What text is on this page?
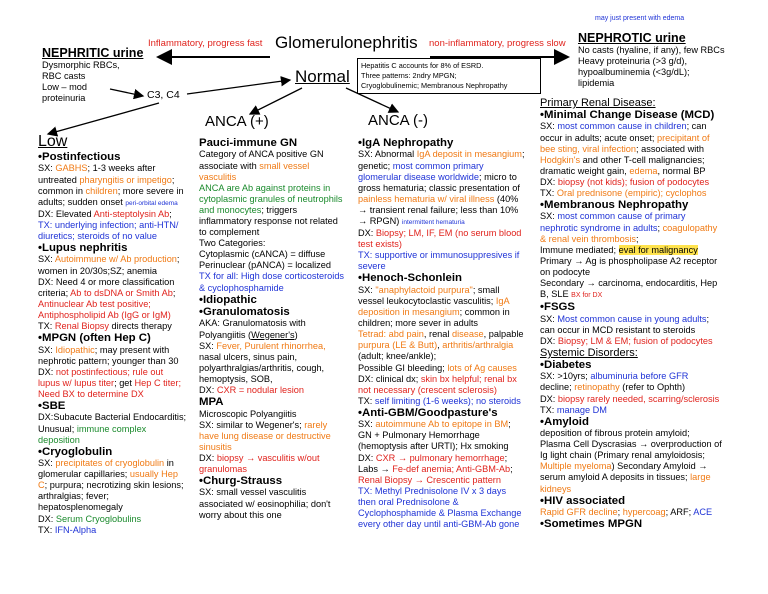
may just present with edema
Inflammatory, progress fast Glomerulonephritis non-inflammatory, progress slow
NEPHRITIC urine
Dysmorphic RBCs,
RBC casts
Low – mod
proteinuria	C3, C4
Normal
Hepatitis C accounts for 8% of ESRD.
Three patterns: 2ndry MPGN;
Cryoglobulinemic; Membranous Nephropathy
NEPHROTIC urine
No casts (hyaline, if any), few RBCs
Heavy proteinuria (>3 g/d),
hypoalbuminemia (<3g/dL);
lipidemia
ANCA (+)	ANCA (-)
Low
•Postinfectious
SX: GABHS; 1-3 weeks after
untreated pharyngitis or impetigo;
common in children; more severe in
adults; sudden onset peri-orbital edema
DX: Elevated Anti-steptolysin Ab;
TX: underlying infection; anti-HTN/
diuretics; steroids of no value
•Lupus nephritis
SX: Autoimmune w/ Ab production;
women in 20/30s;SZ; anemia
DX: Need 4 or more classification
criteria; Ab to dsDNA or Smith Ab;
Antinuclear Ab test positive;
Antiphospholipid Ab (IgG or IgM)
TX: Renal Biopsy directs therapy
•MPGN (often Hep C)
SX: Idiopathic; may present with
nephrotic pattern; younger than 30
DX: not postinfectious; rule out
lupus w/ lupus titer; get Hep C titer;
Need BX to determine DX
•SBE
DX:Subacute Bacterial Endocarditis;
Unusual; immune complex
deposition
•Cryoglobulin
SX: precipitates of cryoglobulin in
glomerular capillaries; usually Hep
C; purpura; necrotizing skin lesions;
arthralgias; fever;
hepatosplenomegaly
DX: Serum Cryoglobulins
TX: IFN-Alpha
Pauci-immune GN
Category of ANCA positive GN
associate with small vessel
vasculitis
ANCA are Ab against proteins in
cytoplasmic granules of neutrophils
and monocytes; triggers
inflammatory response not related
to complement
Two Categories:
Cytoplasmic (cANCA) = diffuse
Perinuclear (pANCA) = localized
TX for all: High dose corticosteroids
& cyclophosphamide
•Idiopathic
•Granulomatosis
AKA: Granulomatosis with
Polyangiitis (Wegener's)
SX: Fever, Purulent rhinorrhea,
nasal ulcers, sinus pain,
polyarthralgias/arthritis, cough,
hemoptysis, SOB,
DX: CXR = nodular lesion
MPA
Microscopic Polyangiitis
SX: similar to Wegener's; rarely
have lung disease or destructive
sinusitis
DX: biopsy → vasculitis w/out
granulomas
•Churg-Strauss
SX: small vessel vasculitis
associated w/ eosinophilia; don't
worry about this one
•IgA Nephropathy
SX: Abnormal IgA deposit in mesangium;
genetic; most common primary
glomerular disease worldwide; micro to
gross hematuria; classic presentation of
painless hematuria w/ viral illness (40%
→ transient renal failure; less than 10%
→ RPGN) intermittent hematuria
DX: Biopsy; LM, IF, EM (no serum blood
test exists)
TX: supportive or immunosuppresives if
severe
•Henoch-Schonlein
SX: "anaphylactoid purpura"; small
vessel leukocytoclastic vasculitis; IgA
deposition in mesangium; common in
children; more sever in adults
Tetrad: abd pain, renal disease, palpable
purpura (LE & Butt), arthritis/arthralgia
(adult; knee/ankle);
Possible GI bleeding; lots of Ag causes
DX: clinical dx; skin bx helpful; renal bx
not necessary (crescent sclerosis)
TX: self limiting (1-6 weeks); no steroids
•Anti-GBM/Goodpasture's
SX: autoimmune Ab to epitope in BM;
GN + Pulmonary Hemorrhage
(hemoptysis after URTI); Hx smoking
DX: CXR → pulmonary hemorrhage;
Labs → Fe-def anemia; Anti-GBM-Ab;
Renal Biopsy → Crescentic pattern
TX: Methyl Prednisolone IV x 3 days
then oral Prednisolone &
Cyclophosphamide & Plasma Exchange
every other day until anti-GBM-Ab gone
Primary Renal Disease:
•Minimal Change Disease (MCD)
SX: most common cause in children; can
occur in adults; acute onset; precipitant of
bee sting, viral infection; associated with
Hodgkin's and other T-cell malignancies;
dramatic weight gain, edema, normal BP
DX: biopsy (not kids); fusion of podocytes
TX: Oral prednisone (empiric); cyclophos
•Membranous Nephropathy
SX: most common cause of primary
nephrotic syndrome in adults; coagulopathy
& renal vein thrombosis;
Immune mediated; eval for malignancy
Primary → Ag is phospholipase A2 receptor
on podocyte
Secondary → carcinoma, endocarditis, Hep
B, SLE BX for DX
•FSGS
SX: Most common cause in young adults;
can occur in MCD resistant to steroids
DX: Biopsy; LM & EM; fusion of podocytes
Systemic Disorders:
•Diabetes
SX: >10yrs; albuminuria before GFR
decline; retinopathy (refer to Ophth)
DX: biopsy rarely needed, scarring/sclerosis
TX: manage DM
•Amyloid
deposition of fibrous protein amyloid;
Plasma Cell Dyscrasias → overproduction of
Ig light chain (Primary renal amyloidosis;
Multiple myeloma) Secondary Amyloid →
serum amyloid A deposits in tissues; large
kidneys
•HIV associated
Rapid GFR decline; hypercoag; ARF; ACE
•Sometimes MPGN
